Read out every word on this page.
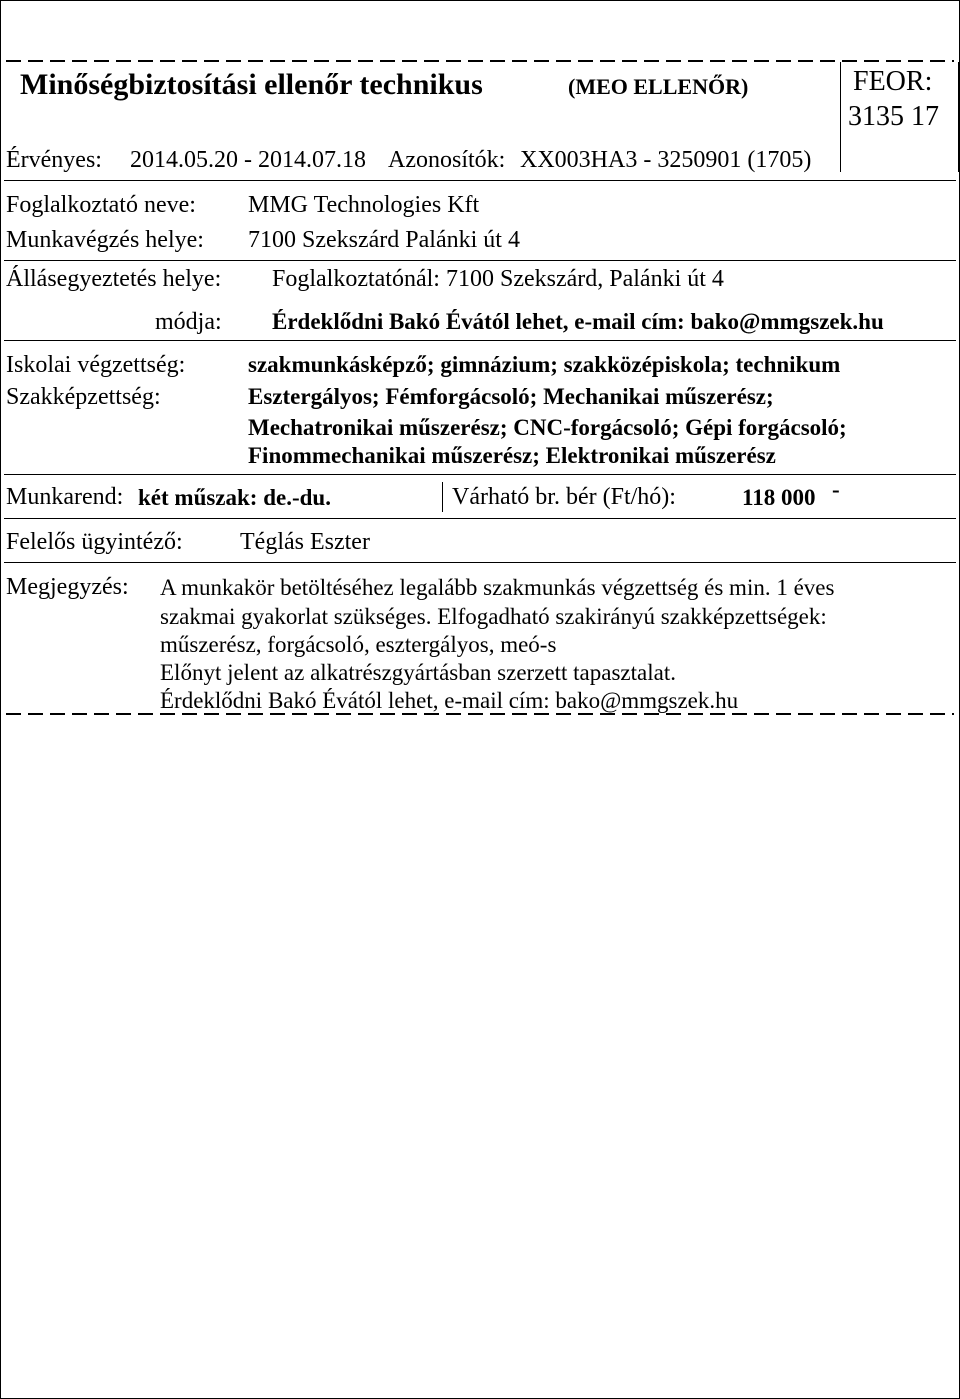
Minőségbiztosítási ellenőr technikus	(MEO ELLENŐR)	FEOR:
3135 17
Érvényes: 2014.05.20 - 2014.07.18 Azonosítók: XX003HA3 - 3250901 (1705)
Foglalkoztató neve: MMG Technologies Kft
Munkavégzés helye: 7100 Szekszárd Palánki út 4
Állásegyeztetés helye: Foglalkoztatónál: 7100 Szekszárd, Palánki út 4
módja: Érdeklődni Bakó Évától lehet, e-mail cím: bako@mmgszek.hu
Iskolai végzettség:	szakmunkásképző; gimnázium; szakközépiskola; technikum
Szakképzettség:	Esztergályos; Fémforgácsoló; Mechanikai műszerész;
Mechatronikai műszerész; CNC-forgácsoló; Gépi forgácsoló;
Finommechanikai műszerész; Elektronikai műszerész
Munkarend: két műszak: de.-du.	Várható br. bér (Ft/hó):	118 000 -
Felelős ügyintéző: Téglás Eszter
Megjegyzés: A munkakör betöltéséhez legalább szakmunkás végzettség és min. 1 éves
szakmai gyakorlat szükséges. Elfogadható szakirányú szakképzettségek:
műszerész, forgácsoló, esztergályos, meó-s
Előnyt jelent az alkatrészgyártásban szerzett tapasztalat.
Érdeklődni Bakó Évától lehet, e-mail cím: bako@mmgszek.hu
